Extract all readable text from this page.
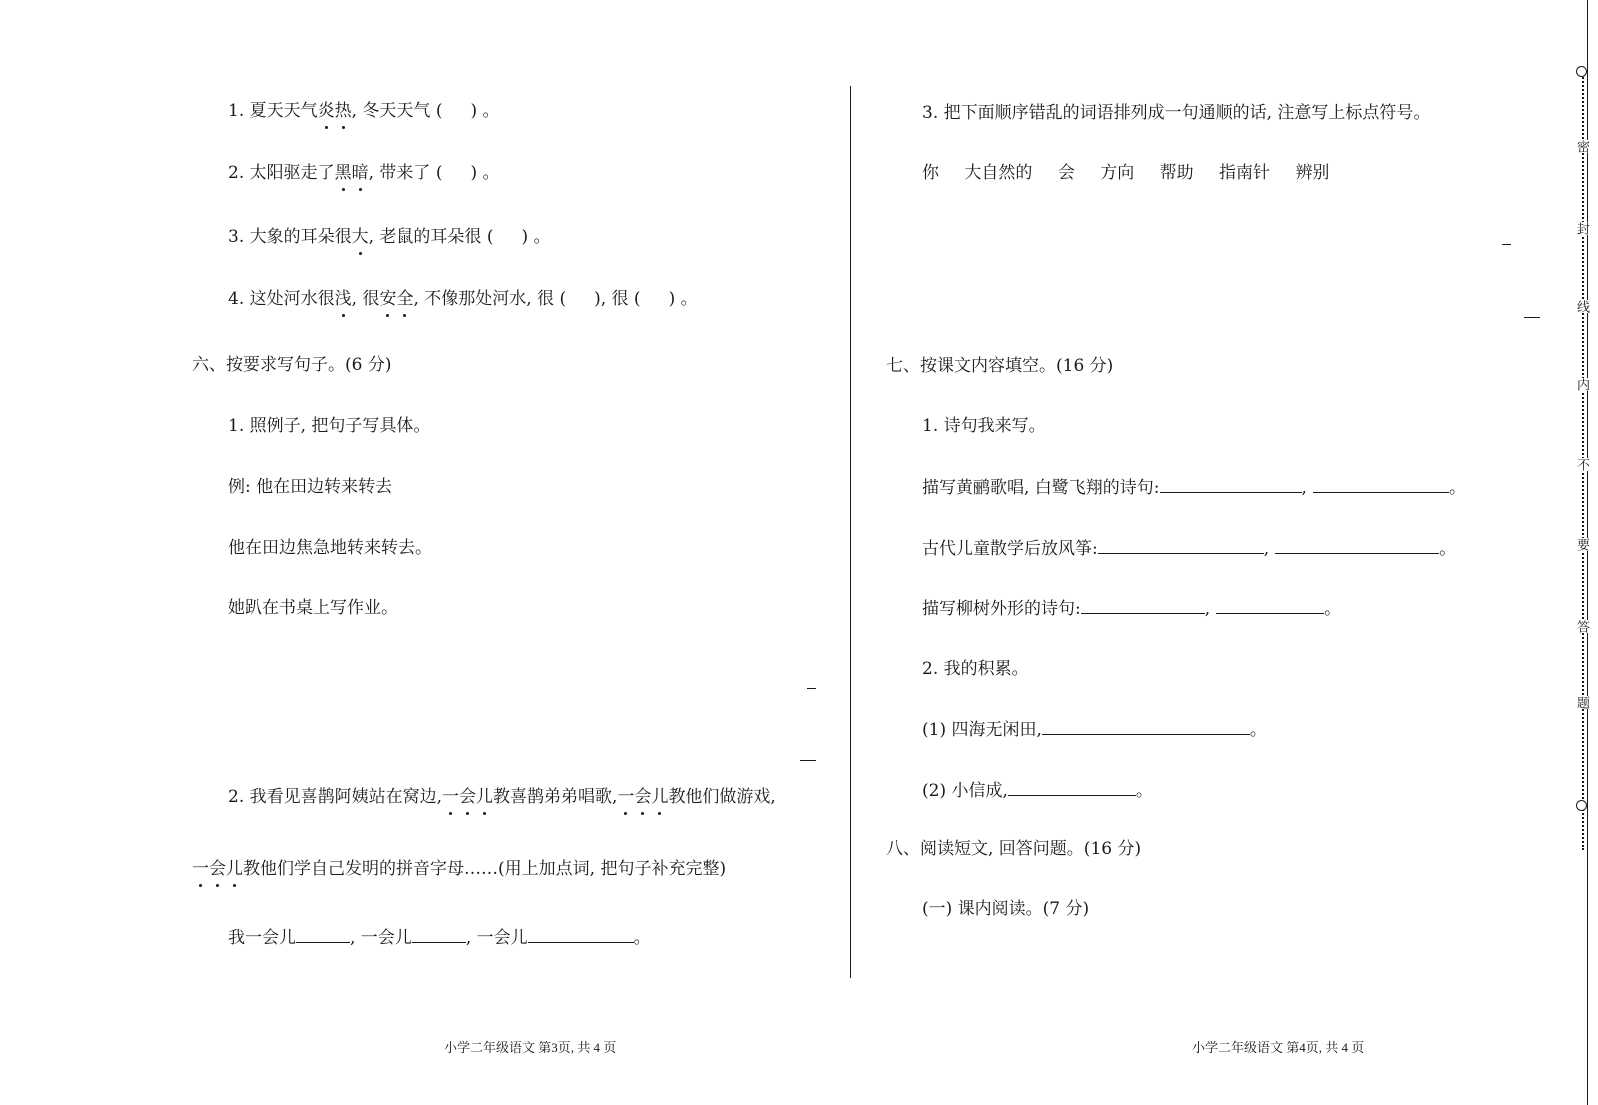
1. 夏天天气炎热, 冬天天气 ( ) 。
2. 太阳驱走了黑暗, 带来了 ( ) 。
3. 大象的耳朵很大, 老鼠的耳朵很 ( ) 。
4. 这处河水很浅, 很安全, 不像那处河水, 很 ( ), 很 ( ) 。
六、按要求写句子。(6 分)
1. 照例子, 把句子写具体。
例: 他在田边转来转去
他在田边焦急地转来转去。
她趴在书桌上写作业。
2. 我看见喜鹊阿姨站在窝边,一会儿教喜鹊弟弟唱歌,一会儿教他们做游戏,
一会儿教他们学自己发明的拼音字母……(用上加点词, 把句子补充完整)
我一会儿	, 一会儿	, 一会儿	。
3. 把下面顺序错乱的词语排列成一句通顺的话, 注意写上标点符号。
你 大自然的 会 方向 帮助 指南针 辨别
七、按课文内容填空。(16 分)
1. 诗句我来写。
描写黄鹂歌唱, 白鹭飞翔的诗句:	,	。
古代儿童散学后放风筝:	,	。
描写柳树外形的诗句:	,	。
2. 我的积累。
(1) 四海无闲田,	。
(2) 小信成,	。
八、阅读短文, 回答问题。(16 分)
(一) 课内阅读。(7 分)
小学二年级语文 第3页, 共 4 页	小学二年级语文 第4页, 共 4 页
密
封
线
内
不
要
答
题
